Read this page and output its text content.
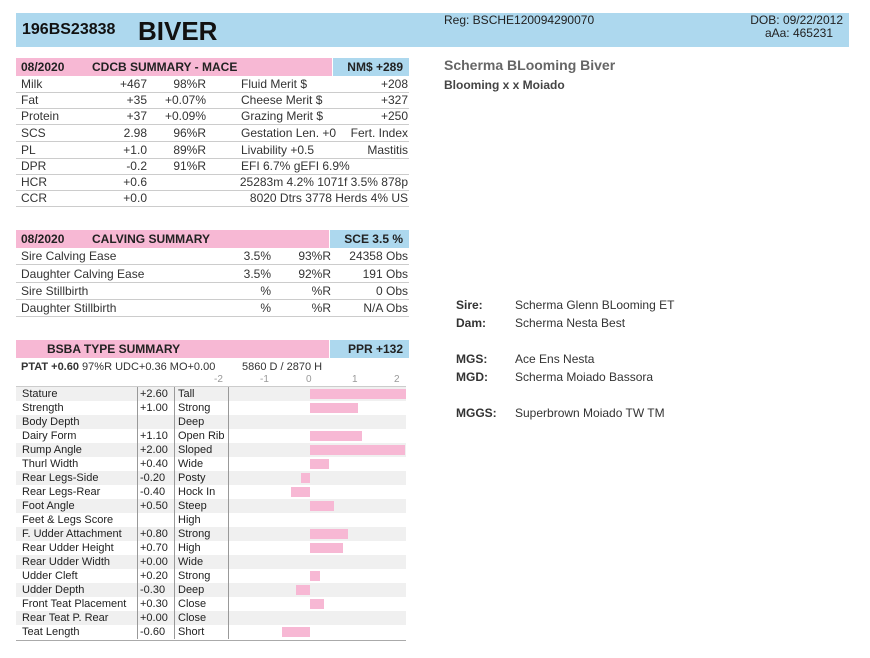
196BS23838 BIVER	Reg: BSCHE120094290070	DOB: 09/22/2012
aAa: 465231
08/2020 CDCB SUMMARY - MACE	NM$ +289
Milk	+467 98%R	Fluid Merit $	+208
Fat	+35 +0.07%	Cheese Merit $	+327
Protein	+37 +0.09%	Grazing Merit $	+250
SCS	2.98 96%R	Gestation Len. +0 Fert. Index
PL	+1.0 89%R	Livability +0.5	Mastitis
DPR	-0.2 91%R	EFI 6.7% gEFI 6.9%
HCR	+0.6	25283m 4.2% 1071f 3.5% 878p
CCR	+0.0	8020 Dtrs 3778 Herds 4% US
08/2020 CALVING SUMMARY	SCE 3.5 %
Sire Calving Ease	3.5% 93%R 24358 Obs
Daughter Calving Ease	3.5% 92%R	191 Obs
Sire Stillbirth	%	%R	0 Obs
Daughter Stillbirth	%	%R	N/A Obs
BSBA TYPE SUMMARY	PPR +132
PTAT +0.60 97%R UDC+0.36 MO+0.00 5860 D / 2870 H
-2	-1	0	1	2
Stature	+2.60 Tall
Strength	+1.00 Strong
Body Depth	Deep
Dairy Form	+1.10 Open Rib
Rump Angle	+2.00 Sloped
Thurl Width	+0.40 Wide
Rear Legs-Side	-0.20 Posty
Rear Legs-Rear	-0.40 Hock In
Foot Angle	+0.50 Steep
Feet & Legs Score	High
F. Udder Attachment +0.80 Strong
Rear Udder Height +0.70 High
Rear Udder Width	+0.00 Wide
Udder Cleft	+0.20 Strong
Udder Depth	-0.30 Deep
Front Teat Placement +0.30 Close
Rear Teat P. Rear	+0.00 Close
Teat Length	-0.60 Short
Scherma BLooming Biver
Blooming x x Moiado
Sire:	Scherma Glenn BLooming ET
Dam: Scherma Nesta Best
MGS: Ace Ens Nesta
MGD: Scherma Moiado Bassora
MGGS: Superbrown Moiado TW TM
